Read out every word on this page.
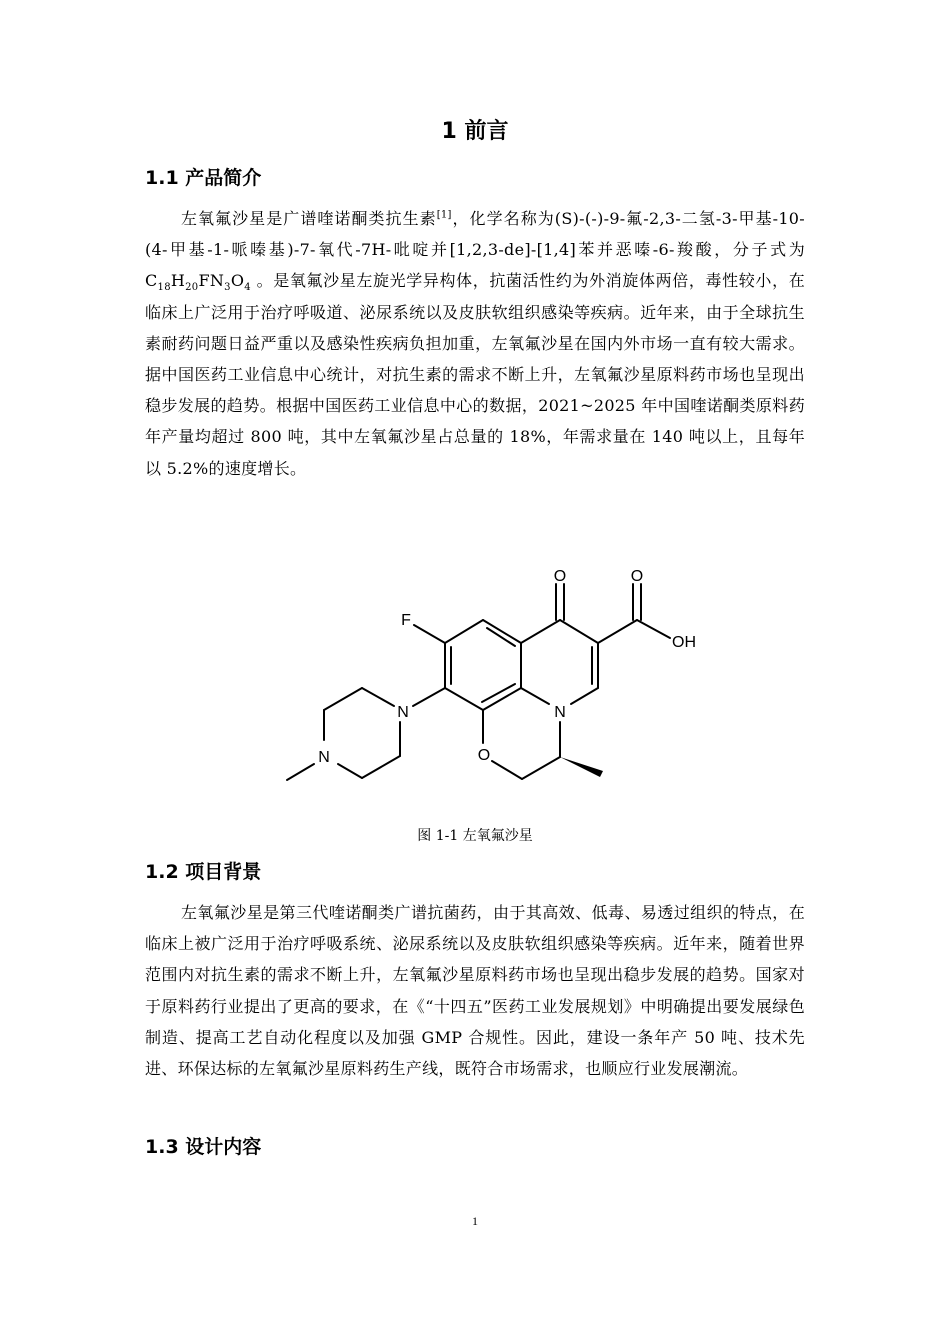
1 前言
1.1 产品简介

左氧氟沙星是广谱喹诺酮类抗生素[1]，化学名称为(S)-(-)-9-氟-2,3-二氢-3-甲基-10-(4-甲基-1-哌嗪基)-7-氧代-7H-吡啶并[1,2,3-de]-[1,4]苯并恶嗪-6-羧酸，分子式为 $C_{18}H_{20}FN_3O_4$ 。是氧氟沙星左旋光学异构体，抗菌活性约为外消旋体两倍，毒性较小，在临床上广泛用于治疗呼吸道、泌尿系统以及皮肤软组织感染等疾病。近年来，由于全球抗生素耐药问题日益严重以及感染性疾病负担加重，左氧氟沙星在国内外市场一直有较大需求。据中国医药工业信息中心统计，对抗生素的需求不断上升，左氧氟沙星原料药市场也呈现出稳步发展的趋势。根据中国医药工业信息中心的数据，2021~2025 年中国喹诺酮类原料药年产量均超过 800 吨，其中左氧氟沙星占总量的 18%，年需求量在 140 吨以上，且每年以 5.2%的速度增长。

O	O
OH
F
N
N
N	O
图 1-1 左氧氟沙星
1.2 项目背景

左氧氟沙星是第三代喹诺酮类广谱抗菌药，由于其高效、低毒、易透过组织的特点，在临床上被广泛用于治疗呼吸系统、泌尿系统以及皮肤软组织感染等疾病。近年来，随着世界范围内对抗生素的需求不断上升，左氧氟沙星原料药市场也呈现出稳步发展的趋势。国家对于原料药行业提出了更高的要求，在《“十四五”医药工业发展规划》中明确提出要发展绿色制造、提高工艺自动化程度以及加强 GMP 合规性。因此，建设一条年产 50 吨、技术先进、环保达标的左氧氟沙星原料药生产线，既符合市场需求，也顺应行业发展潮流。

1.3 设计内容
1
